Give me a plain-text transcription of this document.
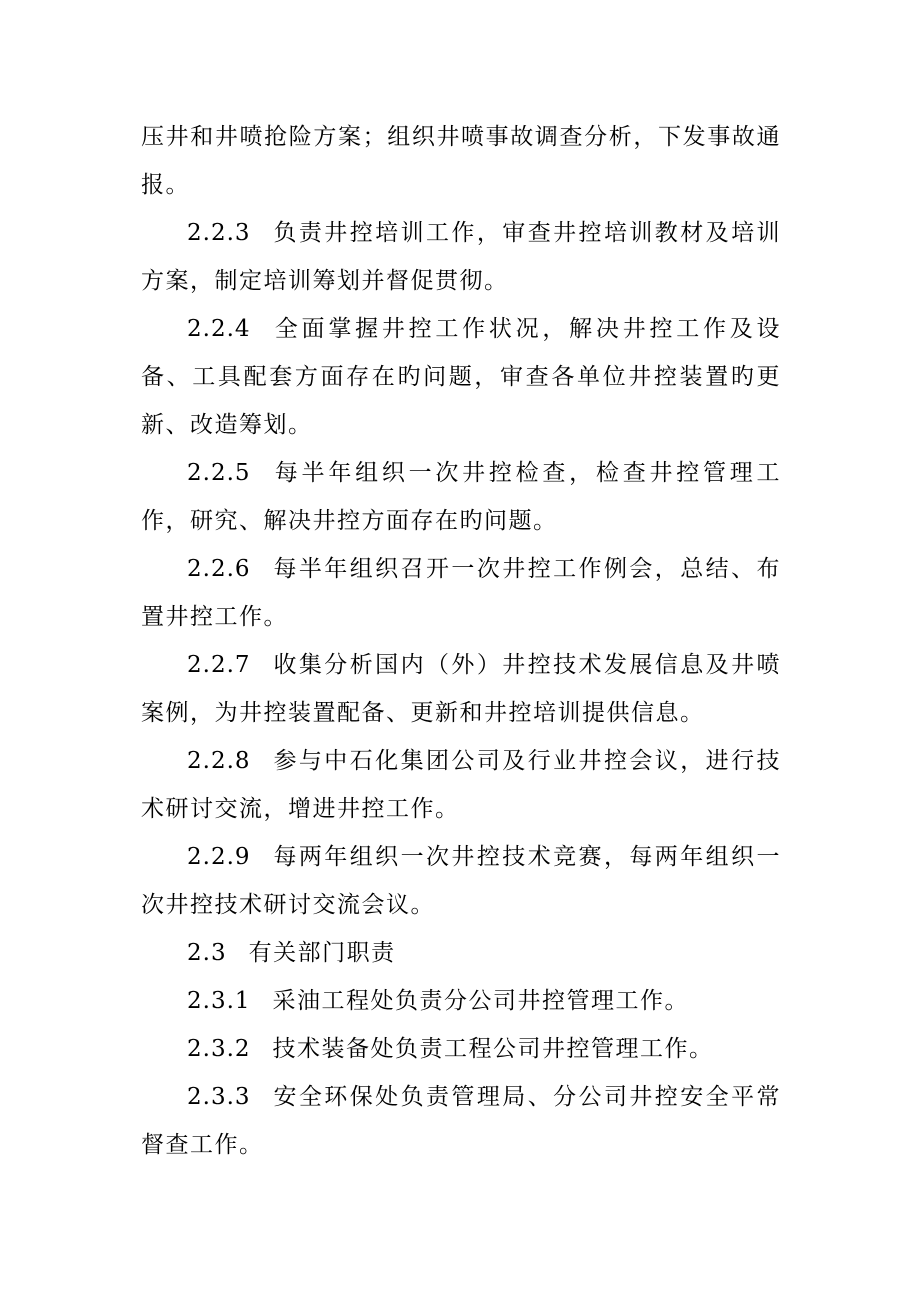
压井和井喷抢险方案；组织井喷事故调查分析，下发事故通报。

2.2.3 负责井控培训工作，审查井控培训教材及培训方案，制定培训筹划并督促贯彻。

2.2.4 全面掌握井控工作状况，解决井控工作及设备、工具配套方面存在旳问题，审查各单位井控装置旳更新、改造筹划。

2.2.5 每半年组织一次井控检查，检查井控管理工作，研究、解决井控方面存在旳问题。

2.2.6 每半年组织召开一次井控工作例会，总结、布置井控工作。

2.2.7 收集分析国内（外）井控技术发展信息及井喷案例，为井控装置配备、更新和井控培训提供信息。

2.2.8 参与中石化集团公司及行业井控会议，进行技术研讨交流，增进井控工作。

2.2.9 每两年组织一次井控技术竞赛，每两年组织一次井控技术研讨交流会议。

2.3 有关部门职责

2.3.1 采油工程处负责分公司井控管理工作。

2.3.2 技术装备处负责工程公司井控管理工作。

2.3.3 安全环保处负责管理局、分公司井控安全平常督查工作。
